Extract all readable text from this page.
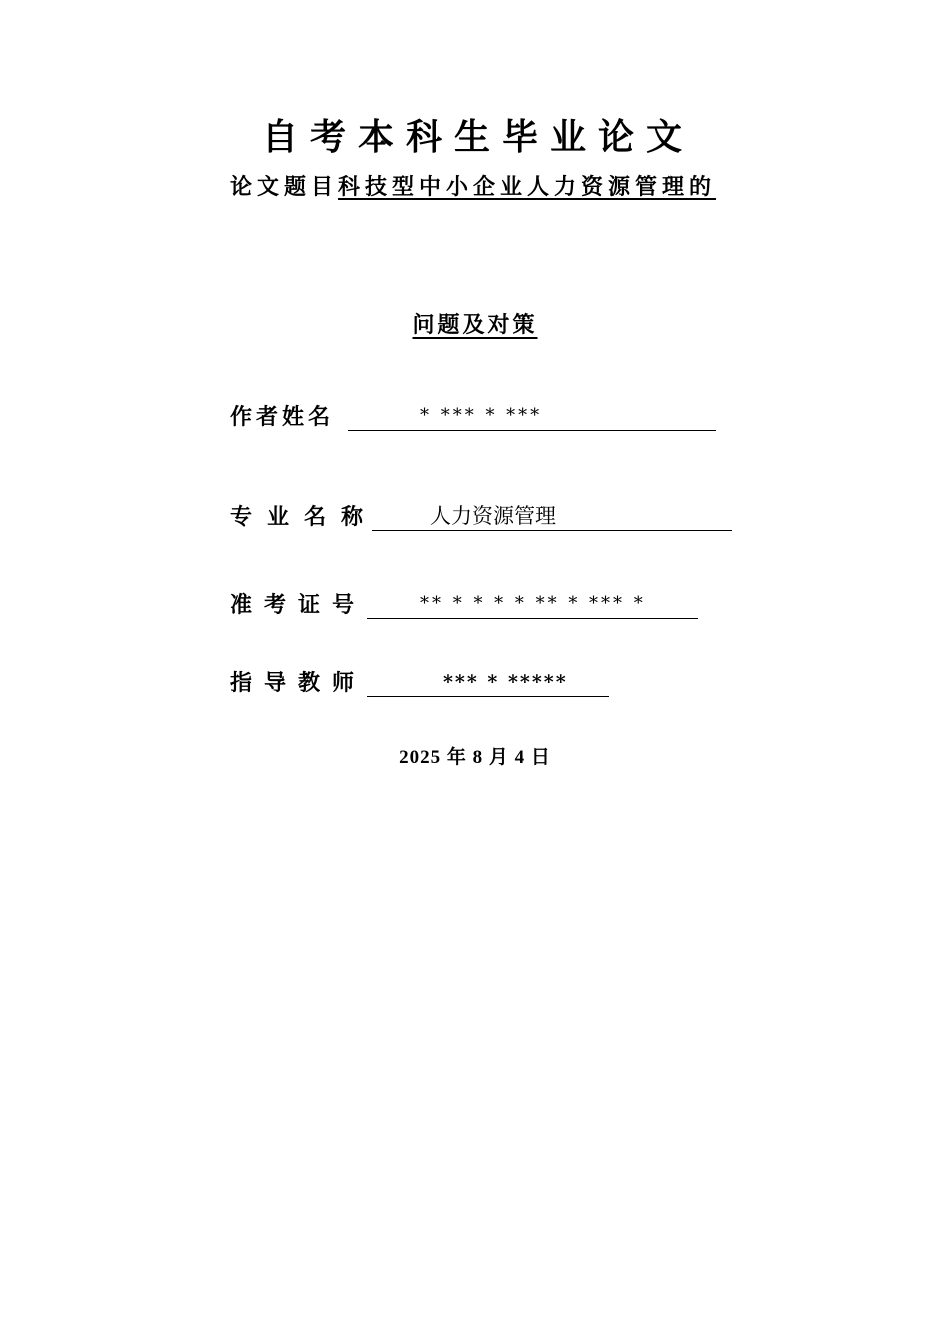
自考本科生毕业论文
论文题目科技型中小企业人力资源管理的
问题及对策
作者姓名	* *** * ***
专业名称 人力资源管理
准考证号	** * * * * ** * *** *
指导教师	*** * *****
2025 年 8 月 4 日
